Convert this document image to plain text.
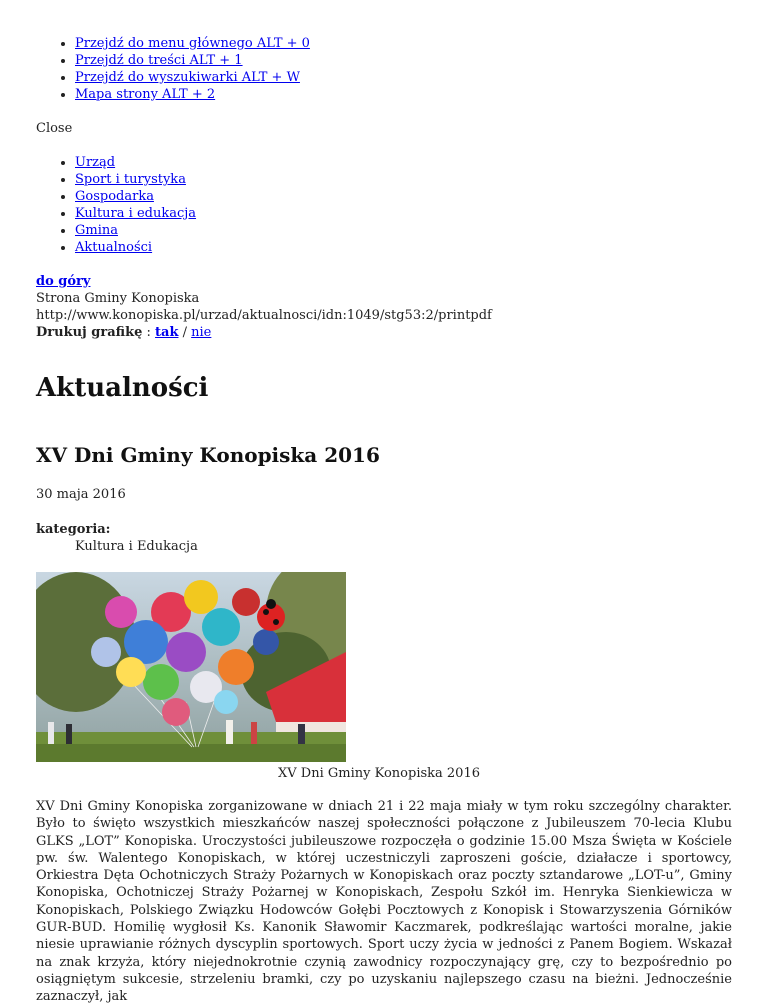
• Przejdź do menu głównego ALT + 0
• Przejdź do treści ALT + 1
• Przejdź do wyszukiwarki ALT + W
• Mapa strony ALT + 2
Close
• Urząd
• Sport i turystyka
• Gospodarka
• Kultura i edukacja
• Gmina
• Aktualności
do góry
Strona Gminy Konopiska
http://www.konopiska.pl/urzad/aktualnosci/idn:1049/stg53:2/printpdf
Drukuj grafikę : tak / nie
Aktualności
XV Dni Gminy Konopiska 2016
30 maja 2016
kategoria:
Kultura i Edukacja
XV Dni Gminy Konopiska 2016
XV Dni Gminy Konopiska zorganizowane w dniach 21 i 22 maja miały w tym roku szczególny charakter. Było to święto wszystkich mieszkańców naszej społeczności połączone z Jubileuszem 70-lecia Klubu GLKS „LOT” Konopiska. Uroczystości jubileuszowe rozpoczęła o godzinie 15.00 Msza Święta w Kościele pw. św. Walentego Konopiskach, w której uczestniczyli zaproszeni goście, działacze i sportowcy, Orkiestra Dęta Ochotniczych Straży Pożarnych w Konopiskach oraz poczty sztandarowe „LOT-u”, Gminy Konopiska, Ochotniczej Straży Pożarnej w Konopiskach, Zespołu Szkół im. Henryka Sienkiewicza w Konopiskach, Polskiego Związku Hodowców Gołębi Pocztowych z Konopisk i Stowarzyszenia Górników GUR-BUD. Homilię wygłosił Ks. Kanonik Sławomir Kaczmarek, podkreślając wartości moralne, jakie niesie uprawianie różnych dyscyplin sportowych. Sport uczy życia w jedności z Panem Bogiem. Wskazał na znak krzyża, który niejednokrotnie czynią zawodnicy rozpoczynający grę, czy to bezpośrednio po osiągniętym sukcesie, strzeleniu bramki, czy po uzyskaniu najlepszego czasu na bieżni. Jednocześnie zaznaczył, jak
